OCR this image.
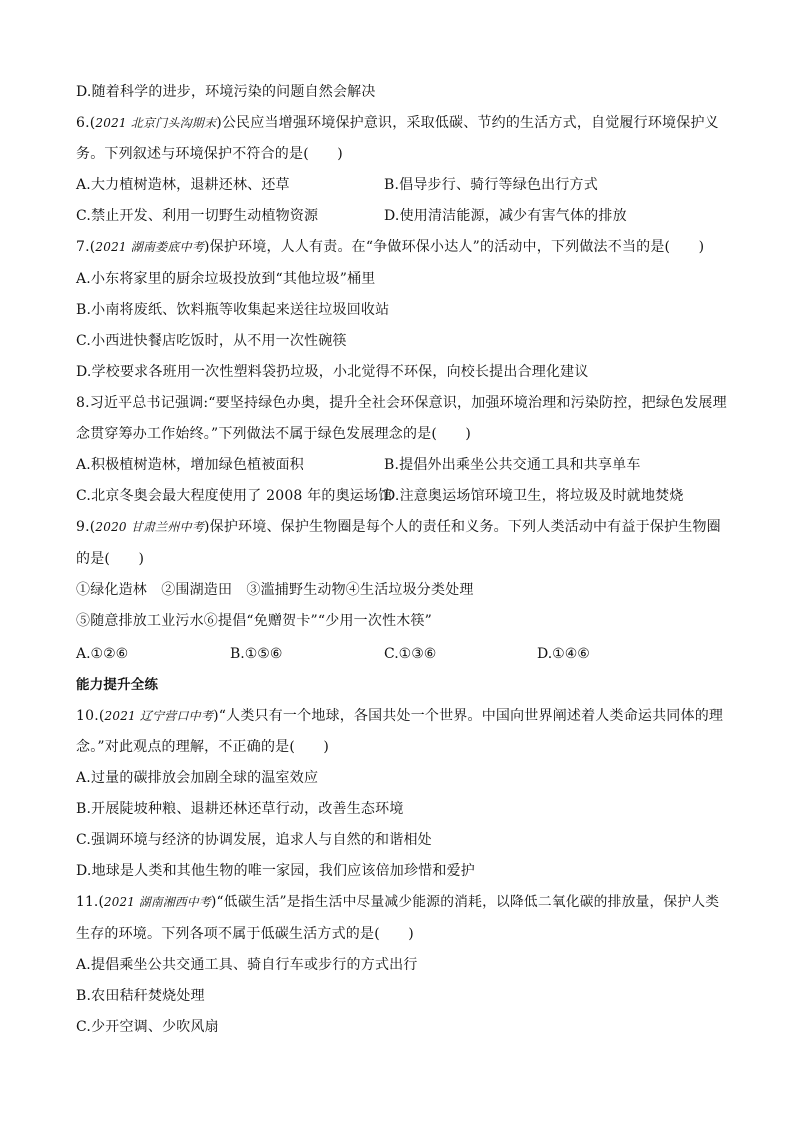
D.随着科学的进步，环境污染的问题自然会解决
6.(2021 北京门头沟期末)公民应当增强环境保护意识，采取低碳、节约的生活方式，自觉履行环境保护义
务。下列叙述与环境保护不符合的是(　　)
A.大力植树造林，退耕还林、还草	B.倡导步行、骑行等绿色出行方式
C.禁止开发、利用一切野生动植物资源	D.使用清洁能源，减少有害气体的排放
7.(2021 湖南娄底中考)保护环境，人人有责。在“争做环保小达人”的活动中，下列做法不当的是(　　)
A.小东将家里的厨余垃圾投放到“其他垃圾”桶里
B.小南将废纸、饮料瓶等收集起来送往垃圾回收站
C.小西进快餐店吃饭时，从不用一次性碗筷
D.学校要求各班用一次性塑料袋扔垃圾，小北觉得不环保，向校长提出合理化建议
8.习近平总书记强调:“要坚持绿色办奥，提升全社会环保意识，加强环境治理和污染防控，把绿色发展理
念贯穿筹办工作始终。”下列做法不属于绿色发展理念的是(　　)
A.积极植树造林，增加绿色植被面积	B.提倡外出乘坐公共交通工具和共享单车
C.北京冬奥会最大程度使用了 2008 年的奥运场馆
D.注意奥运场馆环境卫生，将垃圾及时就地焚烧
9.(2020 甘肃兰州中考)保护环境、保护生物圈是每个人的责任和义务。下列人类活动中有益于保护生物圈
的是(　　)
①绿化造林　②围湖造田　③滥捕野生动物④生活垃圾分类处理
⑤随意排放工业污水⑥提倡“免赠贺卡”“少用一次性木筷”
A.①②⑥	B.①⑤⑥	C.①③⑥	D.①④⑥
能力提升全练
10.(2021 辽宁营口中考)“人类只有一个地球，各国共处一个世界。中国向世界阐述着人类命运共同体的理
念。”对此观点的理解，不正确的是(　　)
A.过量的碳排放会加剧全球的温室效应
B.开展陡坡种粮、退耕还林还草行动，改善生态环境
C.强调环境与经济的协调发展，追求人与自然的和谐相处
D.地球是人类和其他生物的唯一家园，我们应该倍加珍惜和爱护
11.(2021 湖南湘西中考)“低碳生活”是指生活中尽量减少能源的消耗，以降低二氧化碳的排放量，保护人类
生存的环境。下列各项不属于低碳生活方式的是(　　)
A.提倡乘坐公共交通工具、骑自行车或步行的方式出行
B.农田秸秆焚烧处理
C.少开空调、少吹风扇
